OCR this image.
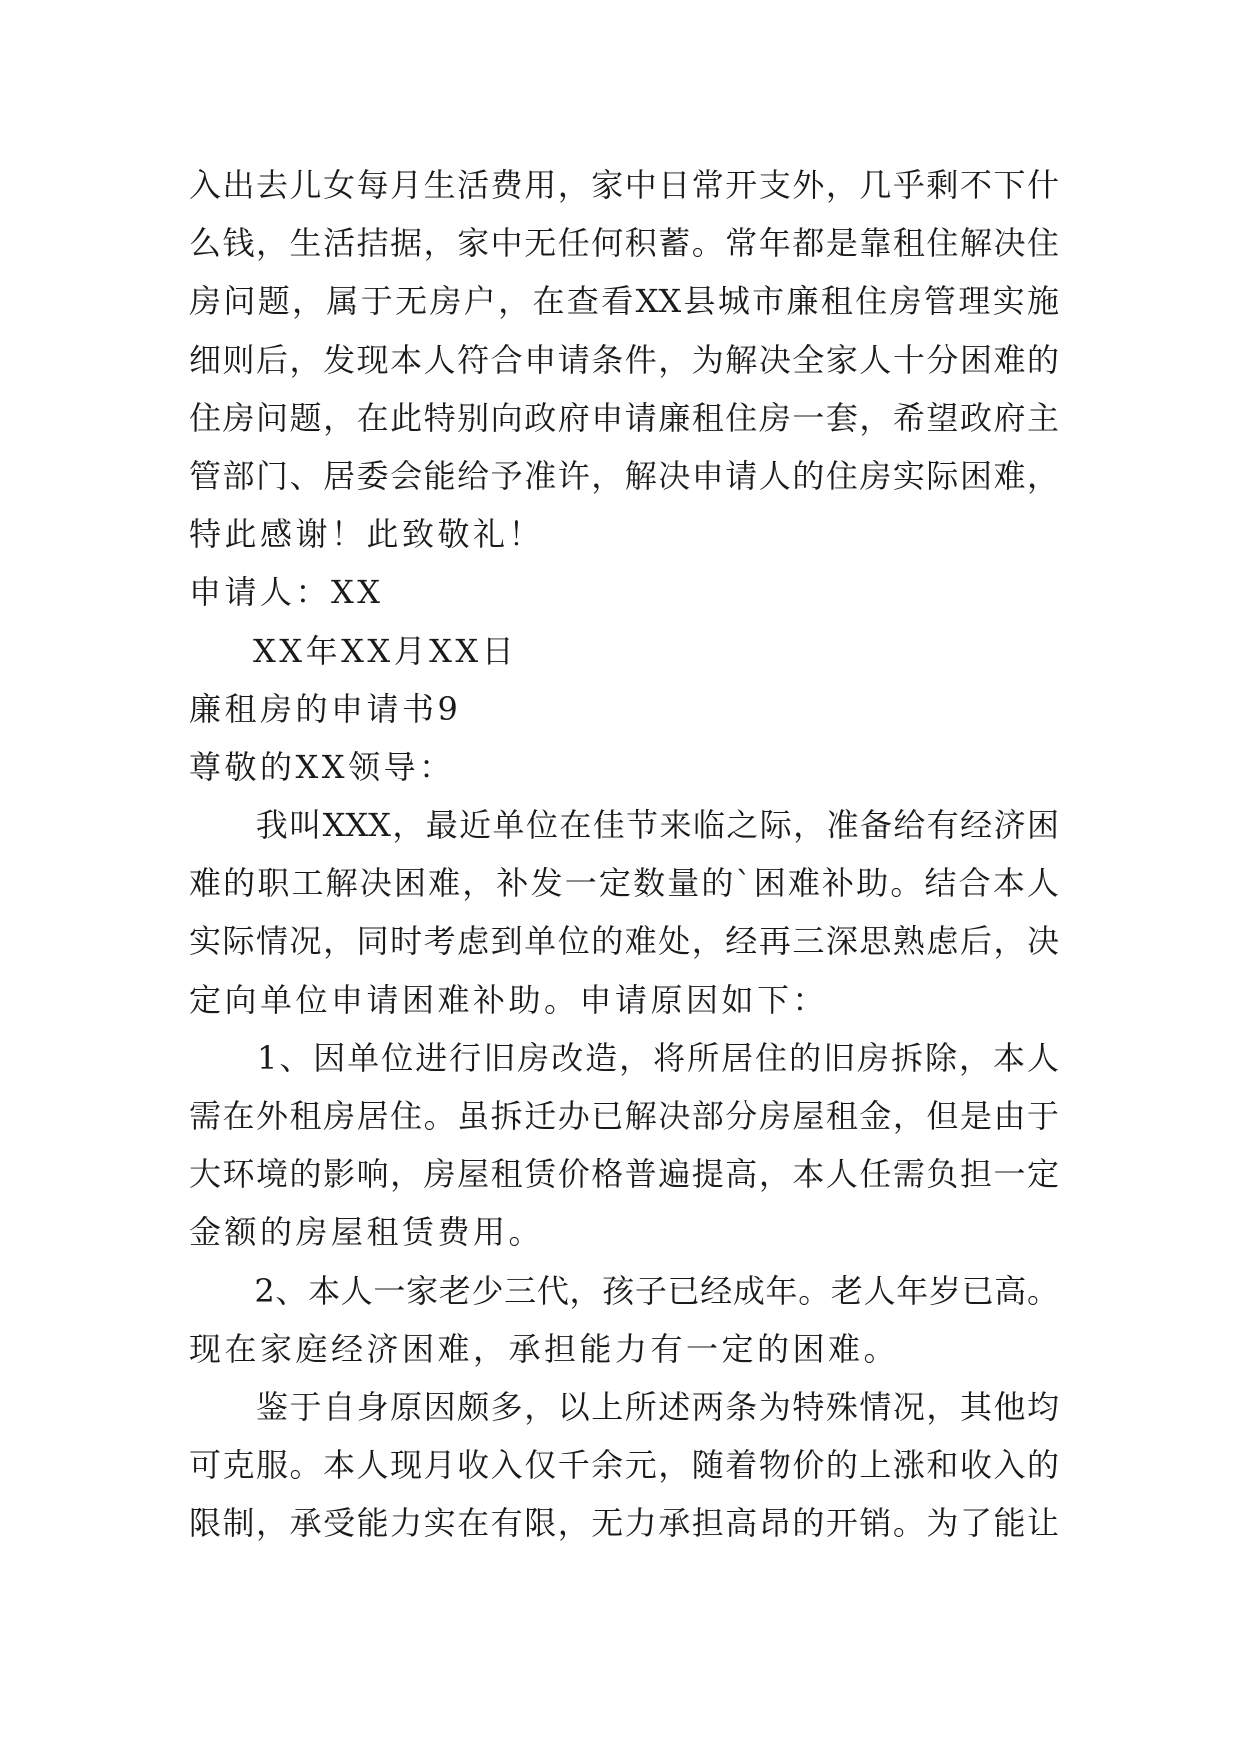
入出去儿女每月生活费用，家中日常开支外，几乎剩不下什
么钱，生活拮据，家中无任何积蓄。常年都是靠租住解决住
房问题，属于无房户，在查看XX县城市廉租住房管理实施
细则后，发现本人符合申请条件，为解决全家人十分困难的
住房问题，在此特别向政府申请廉租住房一套，希望政府主
管部门、居委会能给予准许，解决申请人的住房实际困难，
特此感谢！此致敬礼！
申请人：XX
XX年XX月XX日
廉租房的申请书9
尊敬的XX领导：
　　我叫XXX，最近单位在佳节来临之际，准备给有经济困
难的职工解决困难，补发一定数量的`困难补助。结合本人
实际情况，同时考虑到单位的难处，经再三深思熟虑后，决
定向单位申请困难补助。申请原因如下：
　　1、因单位进行旧房改造，将所居住的旧房拆除，本人
需在外租房居住。虽拆迁办已解决部分房屋租金，但是由于
大环境的影响，房屋租赁价格普遍提高，本人任需负担一定
金额的房屋租赁费用。
　　2、本人一家老少三代，孩子已经成年。老人年岁已高。
现在家庭经济困难，承担能力有一定的困难。
　　鉴于自身原因颇多，以上所述两条为特殊情况，其他均
可克服。本人现月收入仅千余元，随着物价的上涨和收入的
限制，承受能力实在有限，无力承担高昂的开销。为了能让
